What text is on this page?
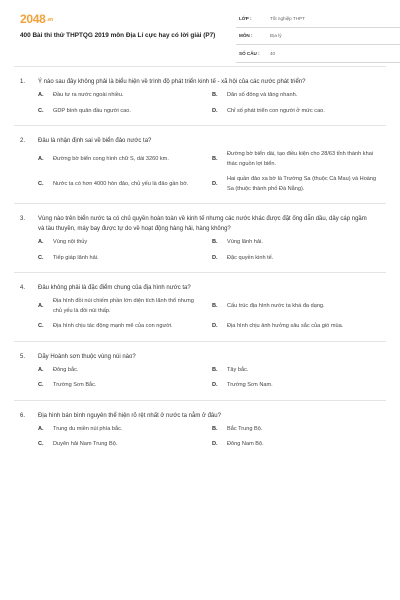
2048.vn
400 Bài thi thử THPTQG 2019 môn Địa Lí cực hay có lời giải (P7)
LỚP :	Tốt nghiệp THPT
MÔN :	Địa lý
SỐ CÂU :	40
1.	Ý nào sau đây không phải là biểu hiện về trình độ phát triển kinh tế - xã hội của các nước phát triển?
A.	Đầu tư ra nước ngoài nhiều.	B.	Dân số đông và tăng nhanh.
C.	GDP bình quân đầu người cao.	D.	Chỉ số phát triển con người ở mức cao.
2.	Đâu là nhận định sai về biển đảo nước ta?
A.	Đường bờ biển cong hình chữ S, dài 3260 km.	B.
Đường bờ biển dài, tạo điều kiện cho 28/63 tỉnh thành khai thác nguồn lợi biển.
C.	Nước ta có hơn 4000 hòn đảo, chủ yếu là đảo gần bờ.	D.
Hai quần đảo xa bờ là Trường Sa (thuộc Cà Mau) và Hoàng Sa (thuộc thành phố Đà Nẵng).
3.	Vùng nào trên biển nước ta có chủ quyền hoàn toàn về kinh tế nhưng các nước khác được đặt ống dẫn dầu, dây cáp ngầm và tàu thuyền, máy bay được tự do về hoạt động hàng hải, hàng không?
A.	Vùng nội thủy	B.	Vùng lãnh hải.
C.	Tiếp giáp lãnh hải.	D.	Đặc quyền kinh tế.
4.	Đâu không phải là đặc điểm chung của địa hình nước ta?
A.
Địa hình đồi núi chiếm phần lớn diện tích lãnh thổ nhưng chủ yếu là đồi núi thấp.
B.	Cấu trúc địa hình nước ta khá đa dạng.
C.	Địa hình chịu tác động mạnh mẽ của con người.	D.	Địa hình chịu ảnh hưởng sâu sắc của gió mùa.
5.	Dãy Hoành sơn thuộc vùng núi nào?
A.	Đông bắc.	B.	Tây bắc.
C.	Trường Sơn Bắc.	D.	Trường Sơn Nam.
6.	Địa hình bán bình nguyên thể hiện rõ rệt nhất ở nước ta nằm ở đâu?
A.	Trung du miền núi phía bắc.	B.	Bắc Trung Bộ.
C.	Duyên hải Nam Trung Bộ.	D.	Đông Nam Bộ.
